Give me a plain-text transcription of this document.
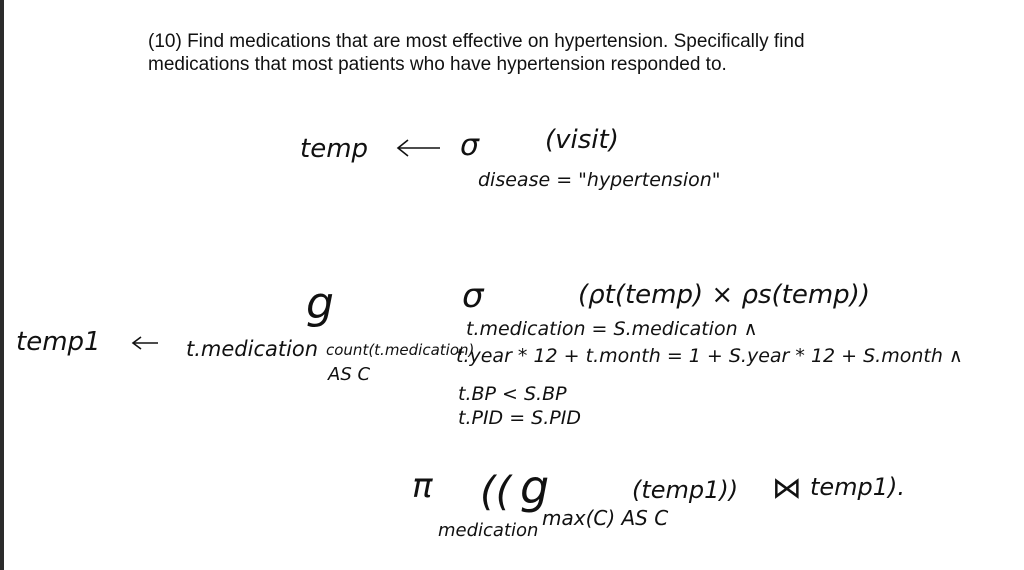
(10) Find medications that are most effective on hypertension. Specifically find

medications that most patients who have hypertension responded to.

temp	σ	(visit)
disease = "hypertension"
temp1	t.medication
g
count(t.medication)
AS C
σ	(ρt(temp) × ρs(temp))
t.medication = S.medication ∧
t.year * 12 + t.month = 1 + S.year * 12 + S.month ∧
t.BP < S.BP
t.PID = S.PID
π
medication
(( g
max(C) AS C
(temp1)) ⋈ temp1).
